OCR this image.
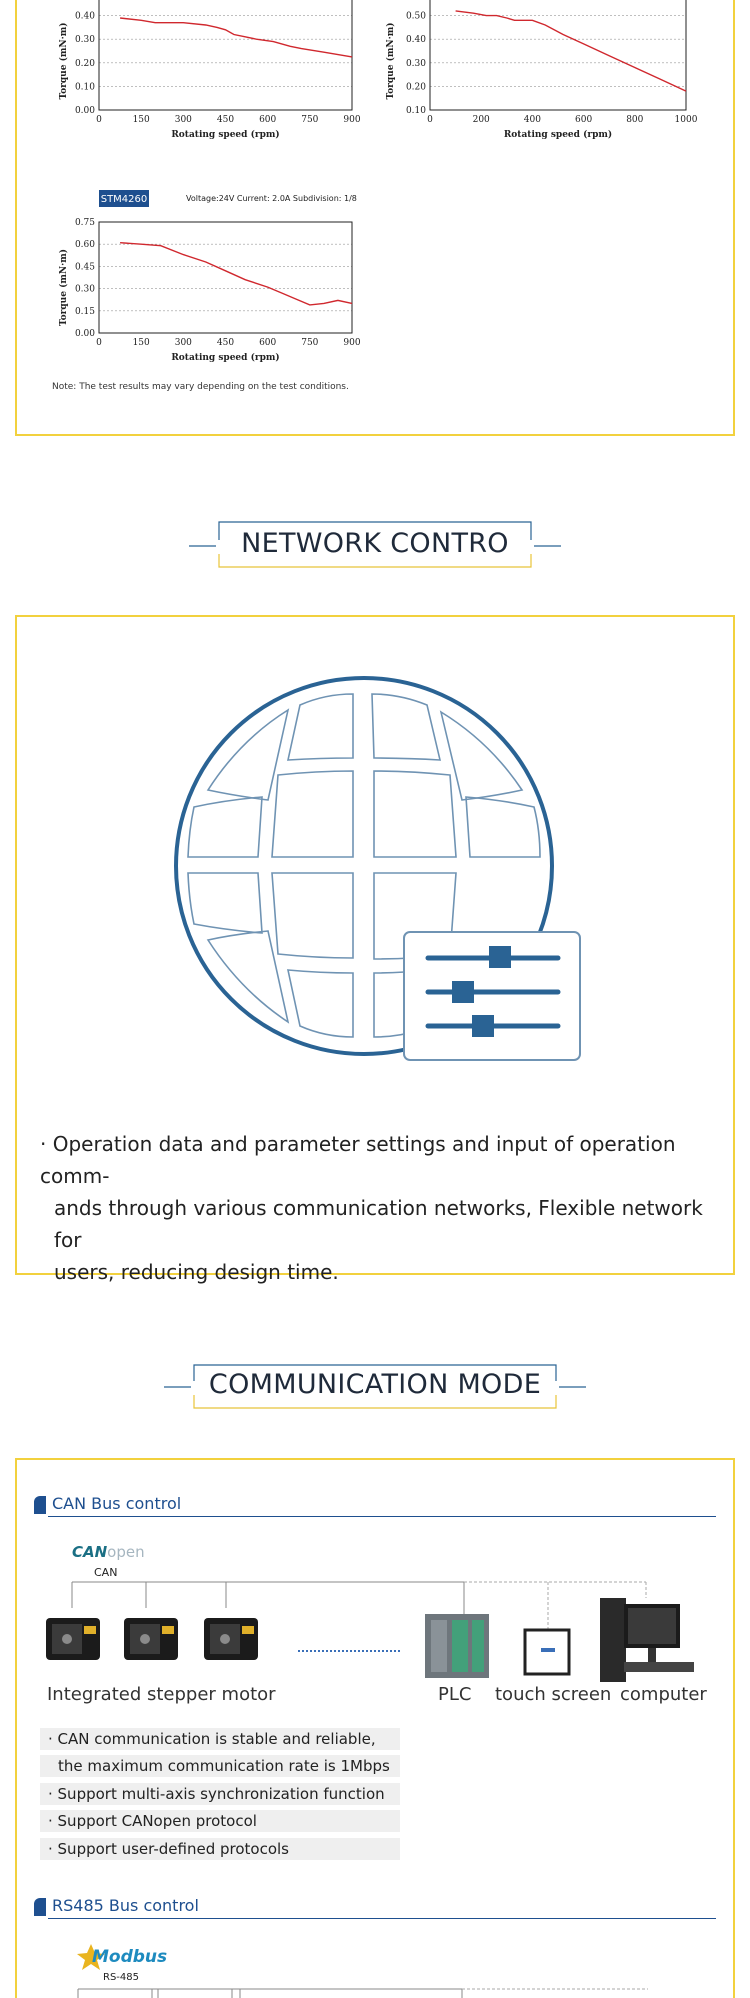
0.00
0.10
0.20
0.30
0.40
0	150	300	450	600	750	900
Rotating speed (rpm)
Torque (mN·m)
0.10
0.20
0.30
0.40
0.50
0	200	400	600	800	1000
Rotating speed (rpm)
Torque (mN·m)
0.00
0.15
0.30
0.45
0.60
0.75
0	150	300	450	600	750	900
Rotating speed (rpm)
Torque (mN·m)
STM4260	Voltage:24V Current: 2.0A Subdivision: 1/8
Note: The test results may vary depending on the test conditions.
NETWORK CONTRO
· Operation data and parameter settings and input of operation comm-
ands through various communication networks, Flexible network for
users, reducing design time.
COMMUNICATION MODE
CAN Bus control
CANopen
CAN
Integrated stepper motor	PLC touch screen computer
· CAN communication is stable and reliable,
the maximum communication rate is 1Mbps
· Support multi-axis synchronization function
· Support CANopen protocol
· Support user-defined protocols
RS485 Bus control
Modbus
RS-485
